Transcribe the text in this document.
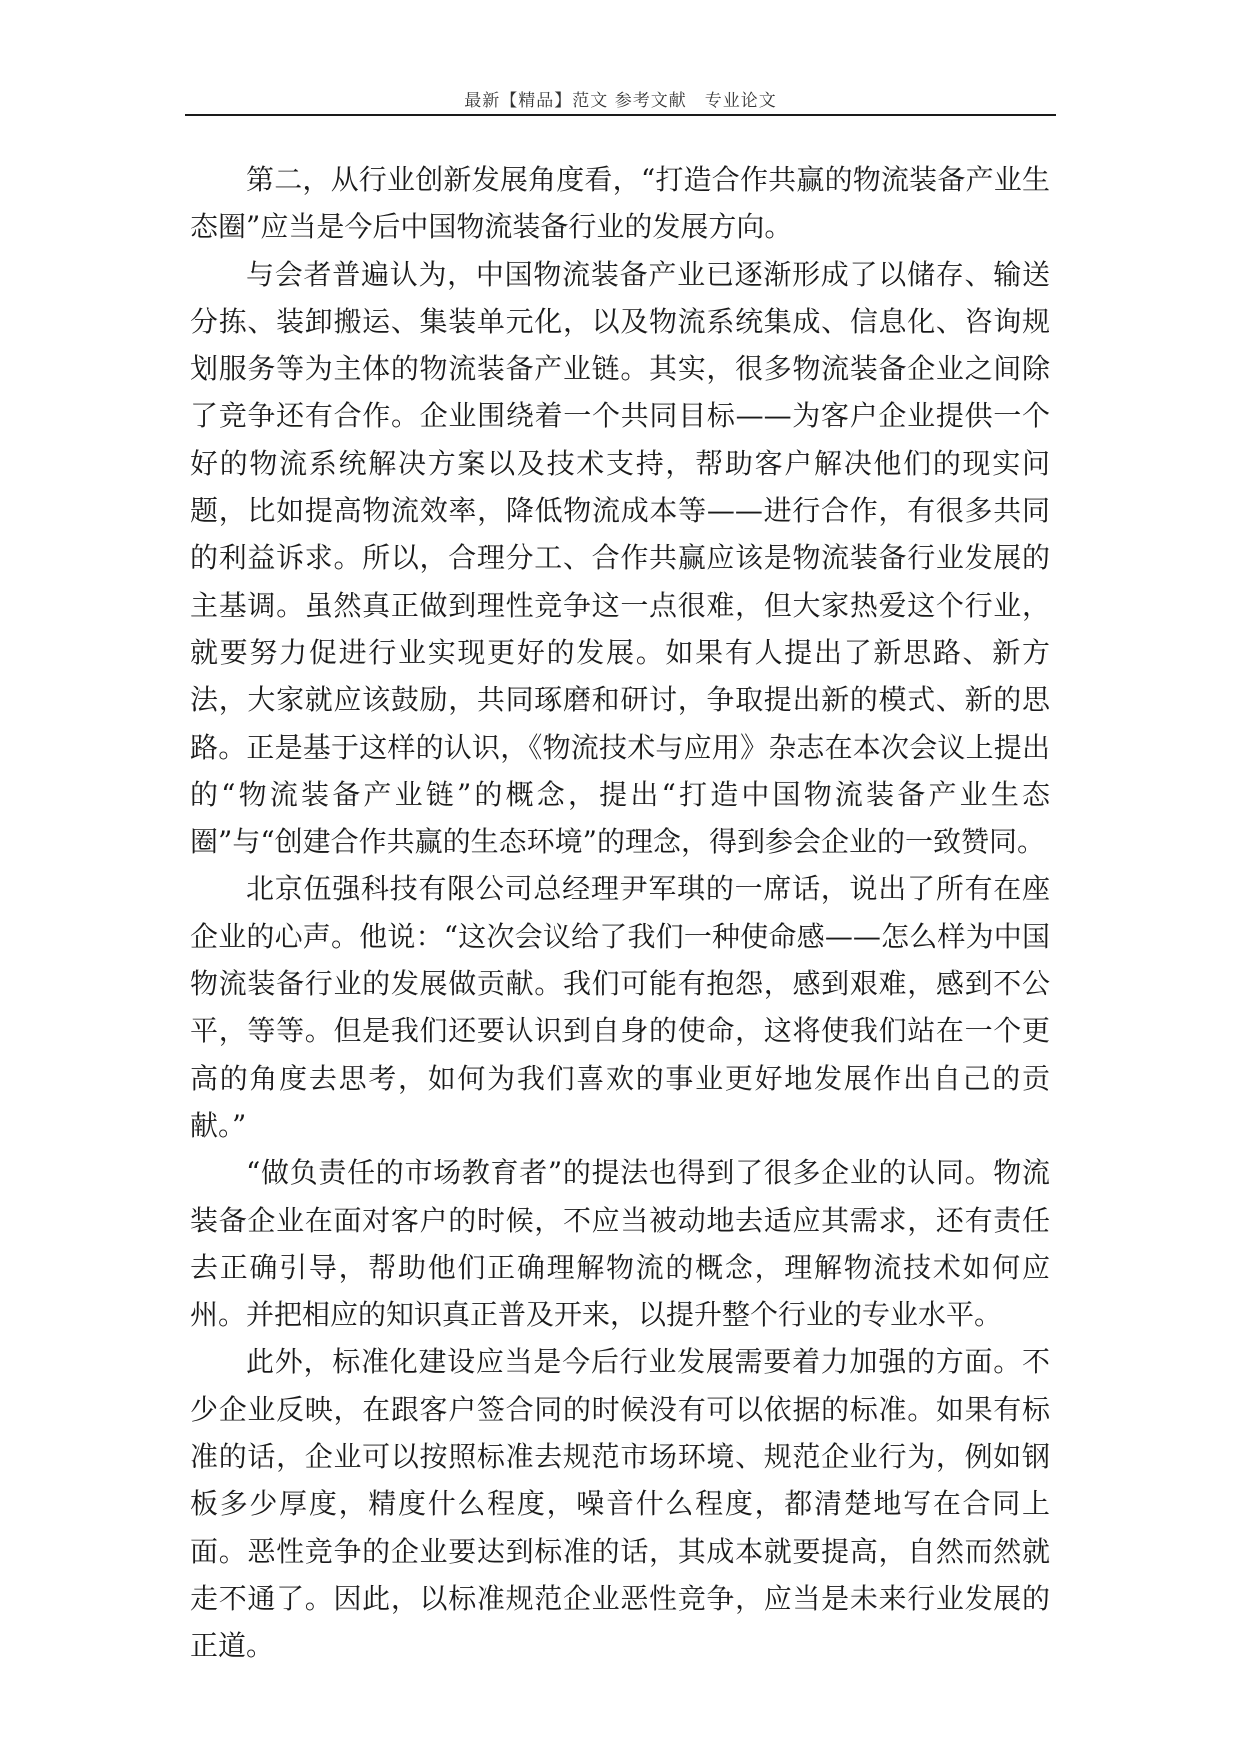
最新【精品】范文 参考文献　专业论文

第二，从行业创新发展角度看，“打造合作共赢的物流装备产业生态圈”应当是今后中国物流装备行业的发展方向。

与会者普遍认为，中国物流装备产业已逐渐形成了以储存、输送分拣、装卸搬运、集装单元化，以及物流系统集成、信息化、咨询规划服务等为主体的物流装备产业链。其实，很多物流装备企业之间除了竞争还有合作。企业围绕着一个共同目标——为客户企业提供一个好的物流系统解决方案以及技术支持，帮助客户解决他们的现实问题，比如提高物流效率，降低物流成本等——进行合作，有很多共同的利益诉求。所以，合理分工、合作共赢应该是物流装备行业发展的主基调。虽然真正做到理性竞争这一点很难，但大家热爱这个行业，就要努力促进行业实现更好的发展。如果有人提出了新思路、新方法，大家就应该鼓励，共同琢磨和研讨，争取提出新的模式、新的思路。正是基于这样的认识，《物流技术与应用》杂志在本次会议上提出的“物流装备产业链”的概念，提出“打造中国物流装备产业生态圈”与“创建合作共赢的生态环境”的理念，得到参会企业的一致赞同。

北京伍强科技有限公司总经理尹军琪的一席话，说出了所有在座企业的心声。他说：“这次会议给了我们一种使命感——怎么样为中国物流装备行业的发展做贡献。我们可能有抱怨，感到艰难，感到不公平，等等。但是我们还要认识到自身的使命，这将使我们站在一个更高的角度去思考，如何为我们喜欢的事业更好地发展作出自己的贡献。”

“做负责任的市场教育者”的提法也得到了很多企业的认同。物流装备企业在面对客户的时候，不应当被动地去适应其需求，还有责任去正确引导，帮助他们正确理解物流的概念，理解物流技术如何应州。并把相应的知识真正普及开来，以提升整个行业的专业水平。

此外，标准化建设应当是今后行业发展需要着力加强的方面。不少企业反映，在跟客户签合同的时候没有可以依据的标准。如果有标准的话，企业可以按照标准去规范市场环境、规范企业行为，例如钢板多少厚度，精度什么程度，噪音什么程度，都清楚地写在合同上面。恶性竞争的企业要达到标准的话，其成本就要提高，自然而然就走不通了。因此，以标准规范企业恶性竞争，应当是未来行业发展的正道。
